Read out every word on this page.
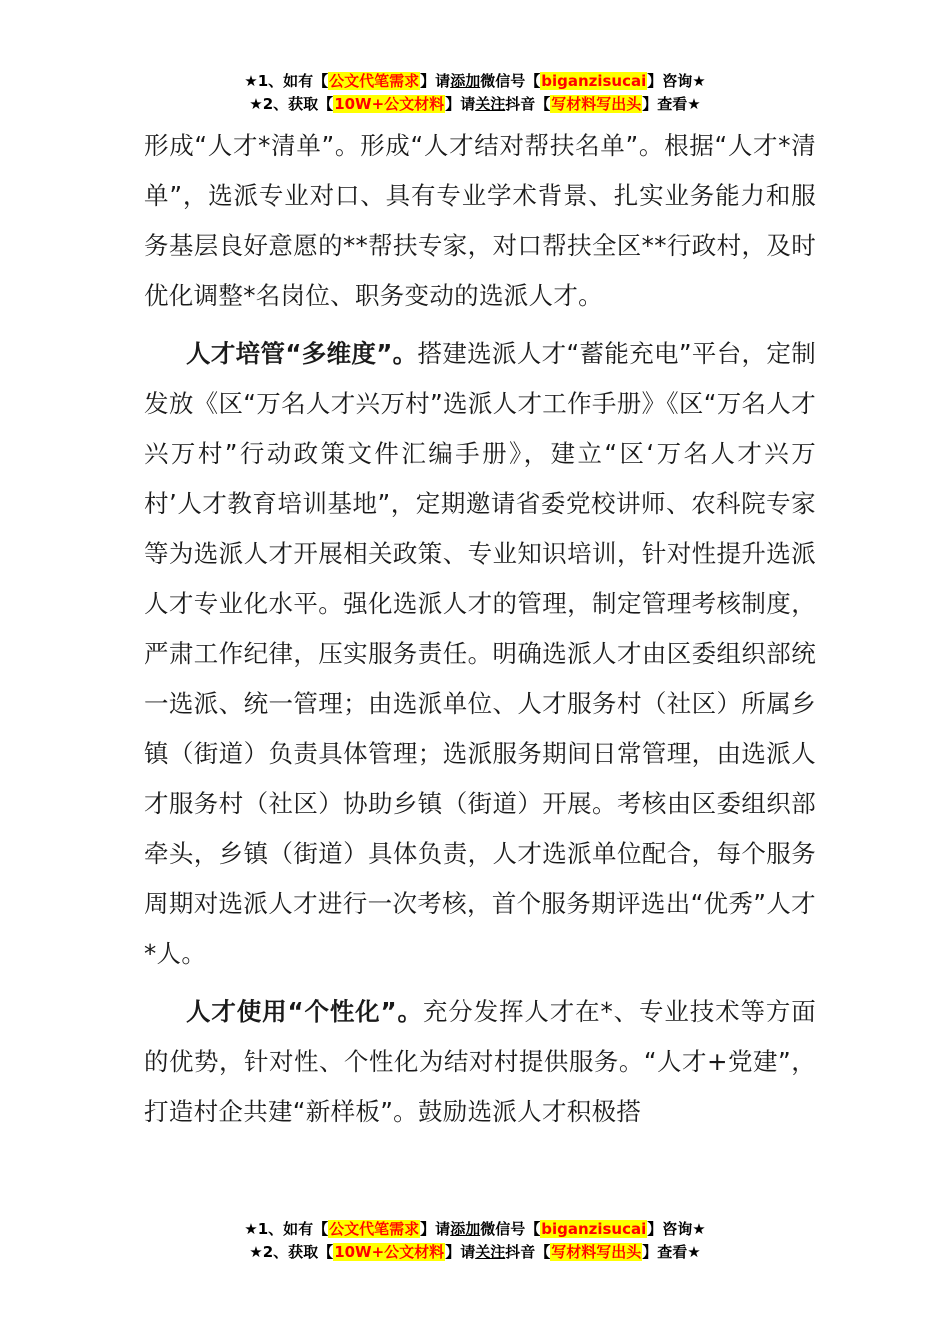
★1、如有【公文代笔需求】请添加微信号【biganzisucai】咨询★
★2、获取【10W+公文材料】请关注抖音【写材料写出头】查看★

形成“人才*清单”。形成“人才结对帮扶名单”。根据“人才*清单”，选派专业对口、具有专业学术背景、扎实业务能力和服务基层良好意愿的**帮扶专家，对口帮扶全区**行政村，及时优化调整*名岗位、职务变动的选派人才。

人才培管“多维度”。搭建选派人才“蓄能充电”平台，定制发放《区“万名人才兴万村”选派人才工作手册》《区“万名人才兴万村”行动政策文件汇编手册》，建立“区‘万名人才兴万村’人才教育培训基地”，定期邀请省委党校讲师、农科院专家等为选派人才开展相关政策、专业知识培训，针对性提升选派人才专业化水平。强化选派人才的管理，制定管理考核制度，严肃工作纪律，压实服务责任。明确选派人才由区委组织部统一选派、统一管理；由选派单位、人才服务村（社区）所属乡镇（街道）负责具体管理；选派服务期间日常管理，由选派人才服务村（社区）协助乡镇（街道）开展。考核由区委组织部牵头，乡镇（街道）具体负责，人才选派单位配合，每个服务周期对选派人才进行一次考核，首个服务期评选出“优秀”人才*人。

人才使用“个性化”。充分发挥人才在*、专业技术等方面的优势，针对性、个性化为结对村提供服务。“人才+党建”，打造村企共建“新样板”。鼓励选派人才积极搭

★1、如有【公文代笔需求】请添加微信号【biganzisucai】咨询★
★2、获取【10W+公文材料】请关注抖音【写材料写出头】查看★
